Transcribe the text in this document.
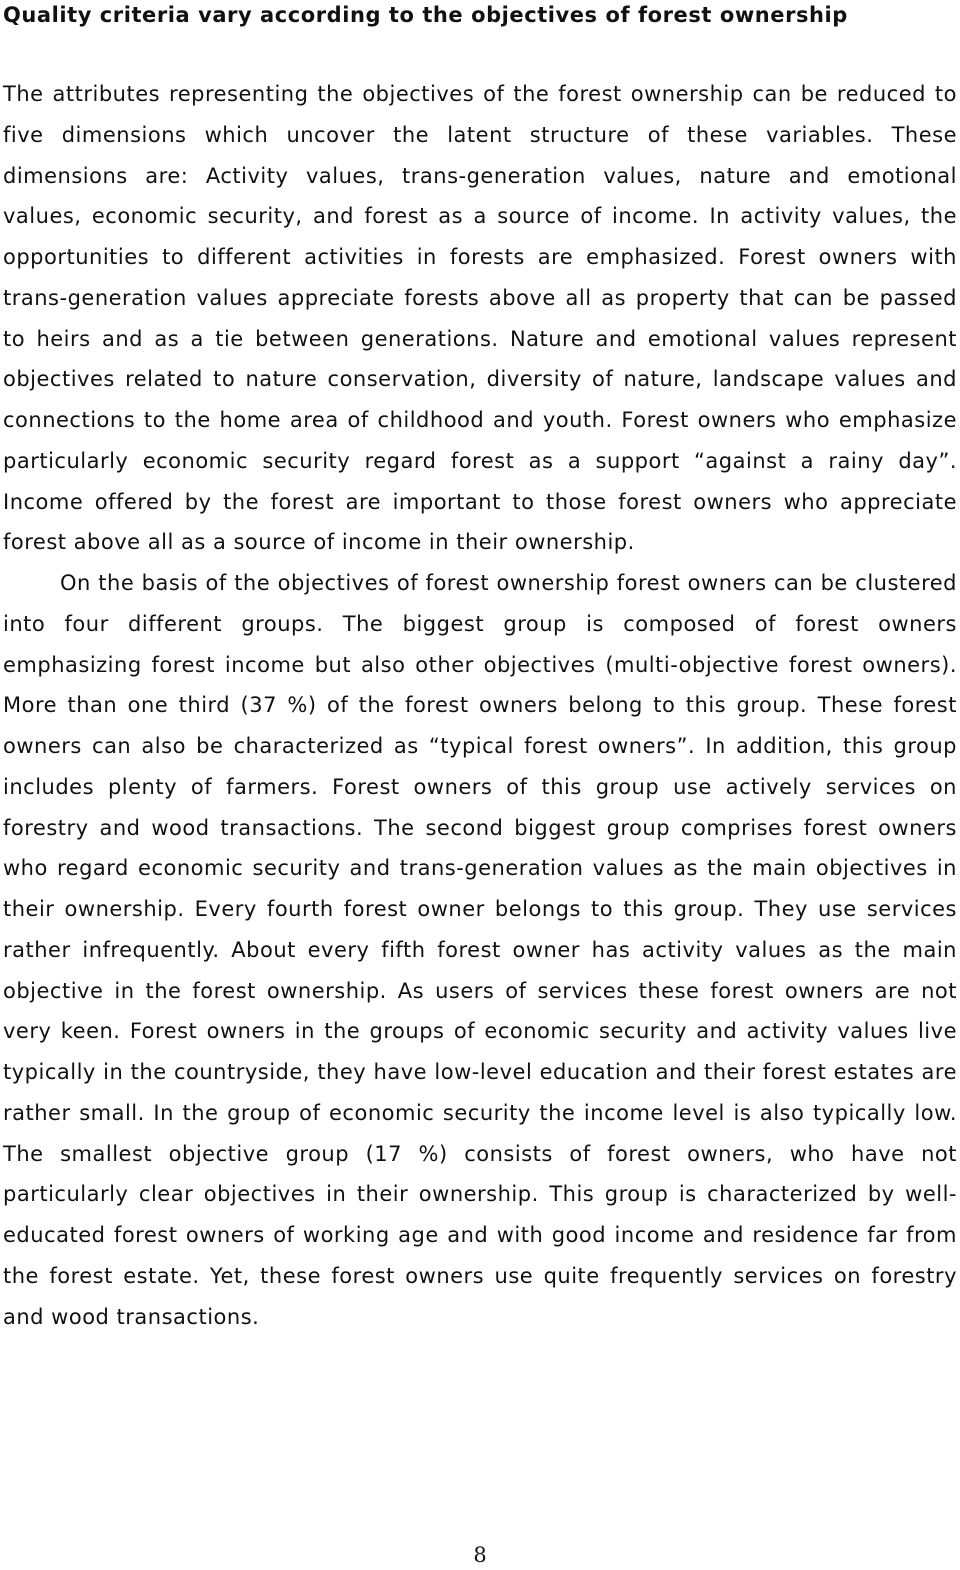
Quality criteria vary according to the objectives of forest ownership

The attributes representing the objectives of the forest ownership can be reduced to five dimensions which uncover the latent structure of these variables. These dimensions are: Activity values, trans-generation values, nature and emotional values, economic security, and forest as a source of income. In activity values, the opportunities to different activities in forests are emphasized. Forest owners with trans-generation values appreciate forests above all as property that can be passed to heirs and as a tie between generations. Nature and emotional values represent objectives related to nature conservation, diversity of nature, landscape values and connections to the home area of childhood and youth. Forest owners who emphasize particularly economic security regard forest as a support “against a rainy day”. Income offered by the forest are important to those forest owners who appreciate forest above all as a source of income in their ownership.

On the basis of the objectives of forest ownership forest owners can be clustered into four different groups. The biggest group is composed of forest owners emphasizing forest income but also other objectives (multi-objective forest owners). More than one third (37 %) of the forest owners belong to this group. These forest owners can also be characterized as “typical forest owners”. In addition, this group includes plenty of farmers. Forest owners of this group use actively services on forestry and wood transactions. The second biggest group comprises forest owners who regard economic security and trans-generation values as the main objectives in their ownership. Every fourth forest owner belongs to this group. They use services rather infrequently. About every fifth forest owner has activity values as the main objective in the forest ownership. As users of services these forest owners are not very keen. Forest owners in the groups of economic security and activity values live typically in the countryside, they have low-level education and their forest estates are rather small. In the group of economic security the income level is also typically low. The smallest objective group (17 %) consists of forest owners, who have not particularly clear objectives in their ownership. This group is characterized by well-educated forest owners of working age and with good income and residence far from the forest estate. Yet, these forest owners use quite frequently services on forestry and wood transactions.

8
